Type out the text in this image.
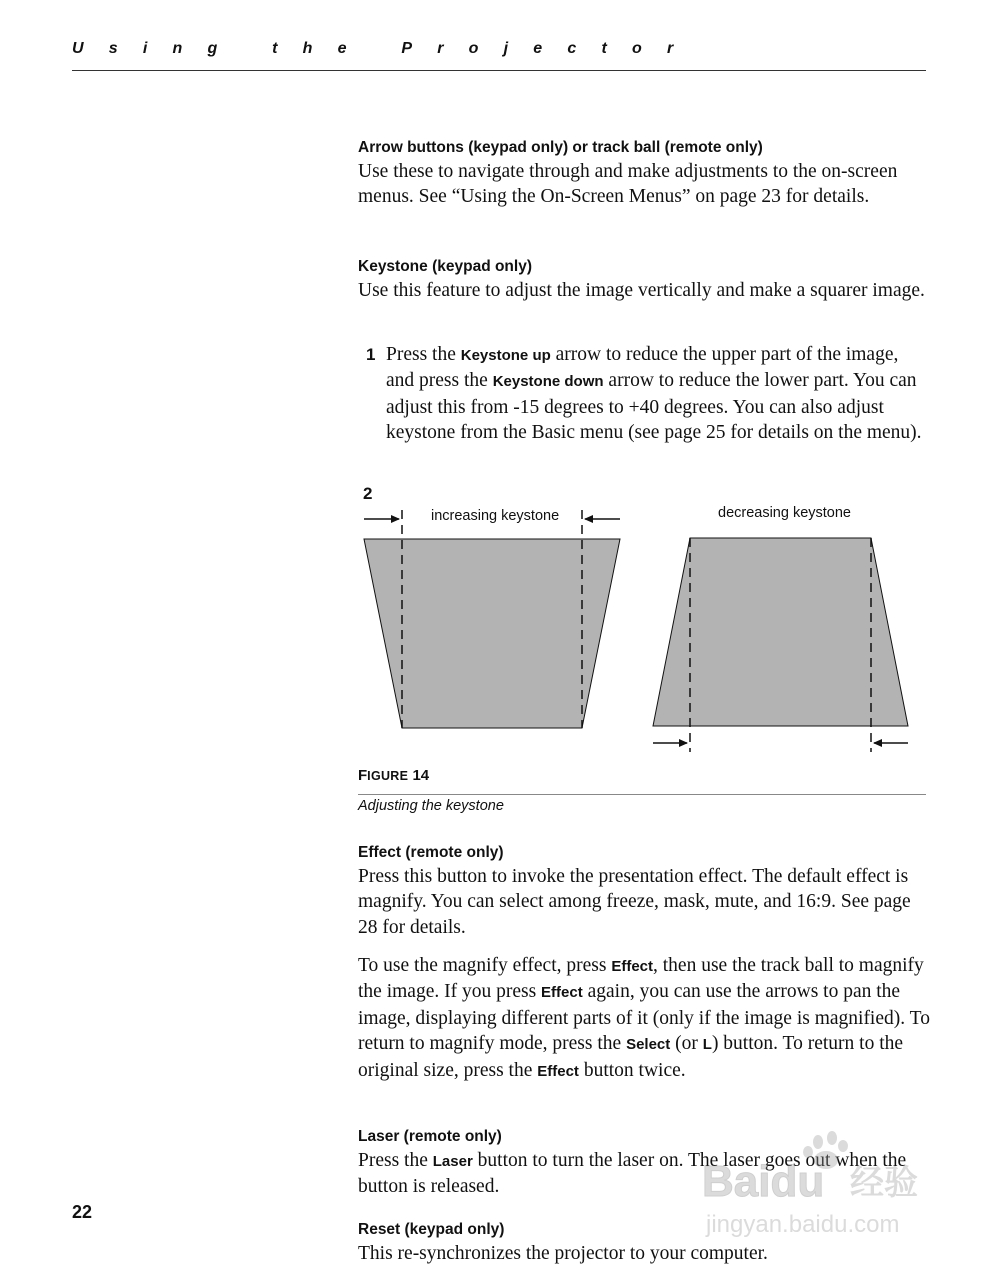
Using the Projector

Arrow buttons (keypad only) or track ball (remote only)

Use these to navigate through and make adjustments to the on-screen menus. See “Using the On-Screen Menus” on page 23 for details.

Keystone (keypad only)

Use this feature to adjust the image vertically and make a squarer image.

1 Press the Keystone up arrow to reduce the upper part of the image, and press the Keystone down arrow to reduce the lower part. You can adjust this from -15 degrees to +40 degrees. You can also adjust keystone from the Basic menu (see page 25 for details on the menu).

2
increasing keystone	decreasing keystone
FIGURE 14
Adjusting the keystone

Effect (remote only)

Press this button to invoke the presentation effect. The default effect is magnify. You can select among freeze, mask, mute, and 16:9. See page 28 for details.

To use the magnify effect, press Effect, then use the track ball to magnify the image. If you press Effect again, you can use the arrows to pan the image, displaying different parts of it (only if the image is magnified). To return to magnify mode, press the Select (or L) button. To return to the original size, press the Effect button twice.

Laser (remote only)

Press the Laser button to turn the laser on. The laser goes out when the button is released.

Reset (keypad only)

This re-synchronizes the projector to your computer.

22
Baidu 经验
jingyan.baidu.com
